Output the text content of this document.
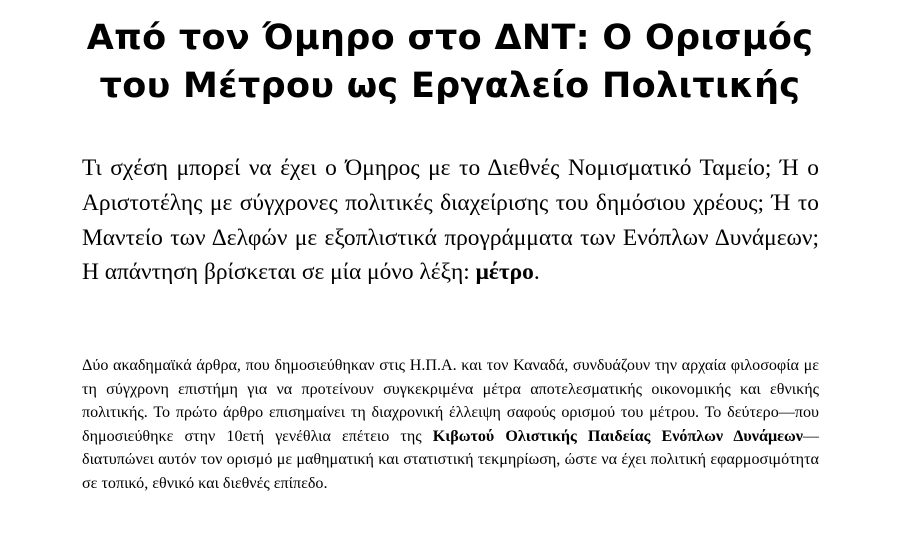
Από τον Όμηρο στο ΔΝΤ: Ο Ορισμός
του Μέτρου ως Εργαλείο Πολιτικής

Τι σχέση μπορεί να έχει ο Όμηρος με το Διεθνές Νομισματικό Ταμείο; Ή ο Αριστοτέλης με σύγχρονες πολιτικές διαχείρισης του δημόσιου χρέους; Ή το Μαντείο των Δελφών με εξοπλιστικά προγράμματα των Ενόπλων Δυνάμεων; Η απάντηση βρίσκεται σε μία μόνο λέξη: μέτρο.

Δύο ακαδημαϊκά άρθρα, που δημοσιεύθηκαν στις Η.Π.Α. και τον Καναδά, συνδυάζουν την αρχαία φιλοσοφία με τη σύγχρονη επιστήμη για να προτείνουν συγκεκριμένα μέτρα αποτελεσματικής οικονομικής και εθνικής πολιτικής. Το πρώτο άρθρο επισημαίνει τη διαχρονική έλλειψη σαφούς ορισμού του μέτρου. Το δεύτερο—που δημοσιεύθηκε στην 10ετή γενέθλια επέτειο της Κιβωτού Ολιστικής Παιδείας Ενόπλων Δυνάμεων—διατυπώνει αυτόν τον ορισμό με μαθηματική και στατιστική τεκμηρίωση, ώστε να έχει πολιτική εφαρμοσιμότητα σε τοπικό, εθνικό και διεθνές επίπεδο.
